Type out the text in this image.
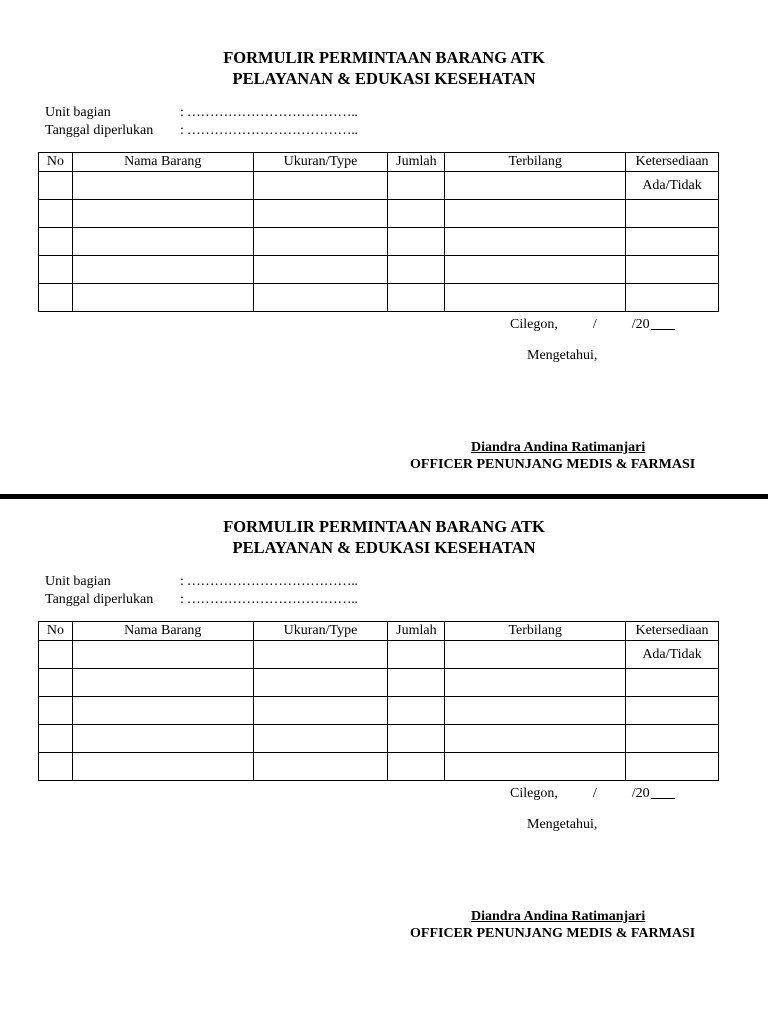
FORMULIR PERMINTAAN BARANG ATK
PELAYANAN & EDUKASI KESEHATAN
Unit bagian	: ………………………………..
Tanggal diperlukan : ………………………………..
No	Nama Barang	Ukuran/Type	Jumlah	Terbilang	Ketersediaan
					Ada/Tidak

Cilegon,          /          /20
Mengetahui,
Diandra Andina Ratimanjari
OFFICER PENUNJANG MEDIS & FARMASI
FORMULIR PERMINTAAN BARANG ATK
PELAYANAN & EDUKASI KESEHATAN
Unit bagian	: ………………………………..
Tanggal diperlukan : ………………………………..
No	Nama Barang	Ukuran/Type	Jumlah	Terbilang	Ketersediaan
					Ada/Tidak

Cilegon,          /          /20
Mengetahui,
Diandra Andina Ratimanjari
OFFICER PENUNJANG MEDIS & FARMASI
